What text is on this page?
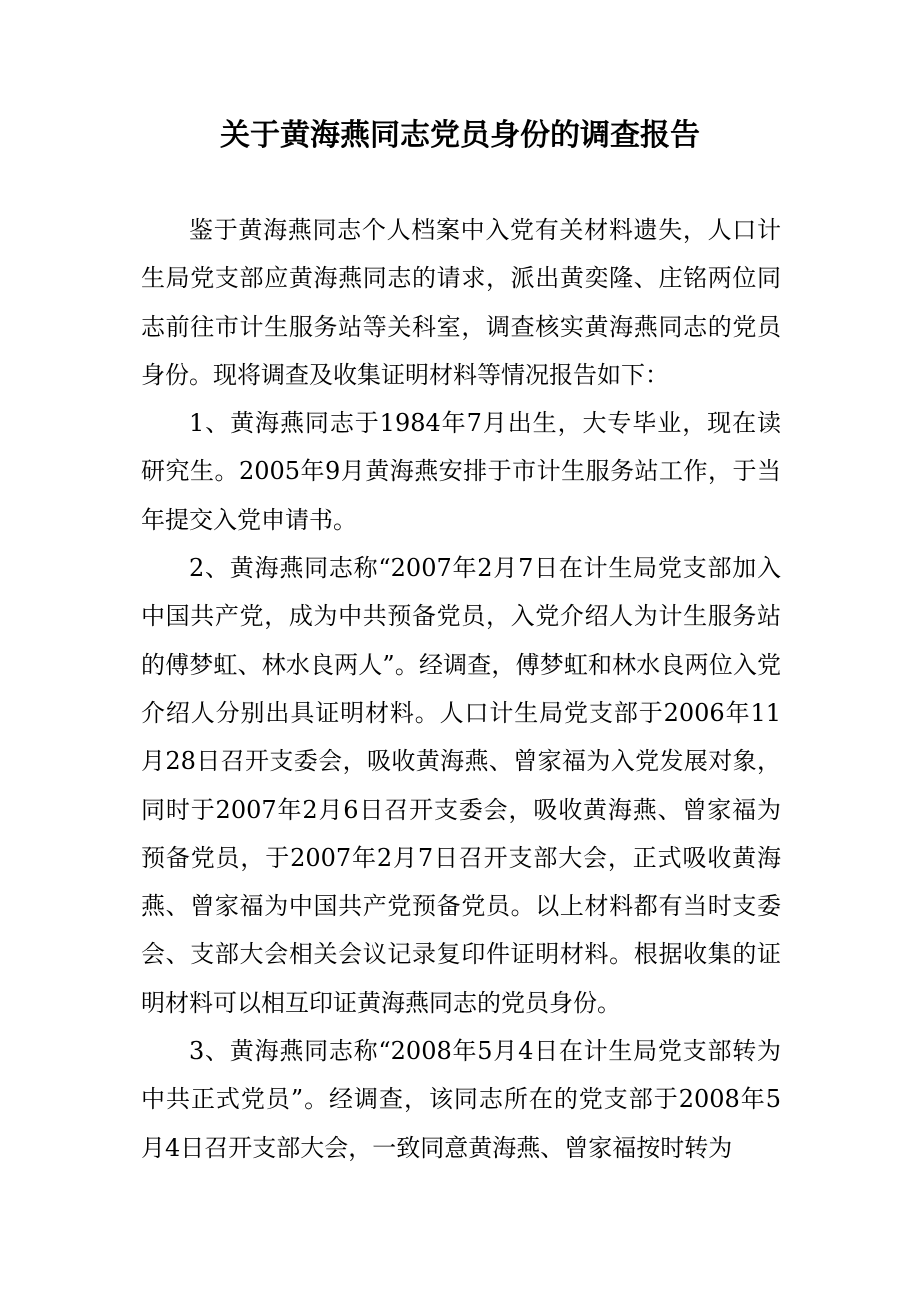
关于黄海燕同志党员身份的调查报告

鉴于黄海燕同志个人档案中入党有关材料遗失，人口计生局党支部应黄海燕同志的请求，派出黄奕隆、庄铭两位同志前往市计生服务站等关科室，调查核实黄海燕同志的党员身份。现将调查及收集证明材料等情况报告如下：

1、黄海燕同志于1984年7月出生，大专毕业，现在读研究生。2005年9月黄海燕安排于市计生服务站工作，于当年提交入党申请书。

2、黄海燕同志称“2007年2月7日在计生局党支部加入中国共产党，成为中共预备党员，入党介绍人为计生服务站的傅梦虹、林水良两人”。经调查，傅梦虹和林水良两位入党介绍人分别出具证明材料。人口计生局党支部于2006年11月28日召开支委会，吸收黄海燕、曾家福为入党发展对象，同时于2007年2月6日召开支委会，吸收黄海燕、曾家福为预备党员，于2007年2月7日召开支部大会，正式吸收黄海燕、曾家福为中国共产党预备党员。以上材料都有当时支委会、支部大会相关会议记录复印件证明材料。根据收集的证明材料可以相互印证黄海燕同志的党员身份。

3、黄海燕同志称“2008年5月4日在计生局党支部转为中共正式党员”。经调查，该同志所在的党支部于2008年5月4日召开支部大会，一致同意黄海燕、曾家福按时转为
